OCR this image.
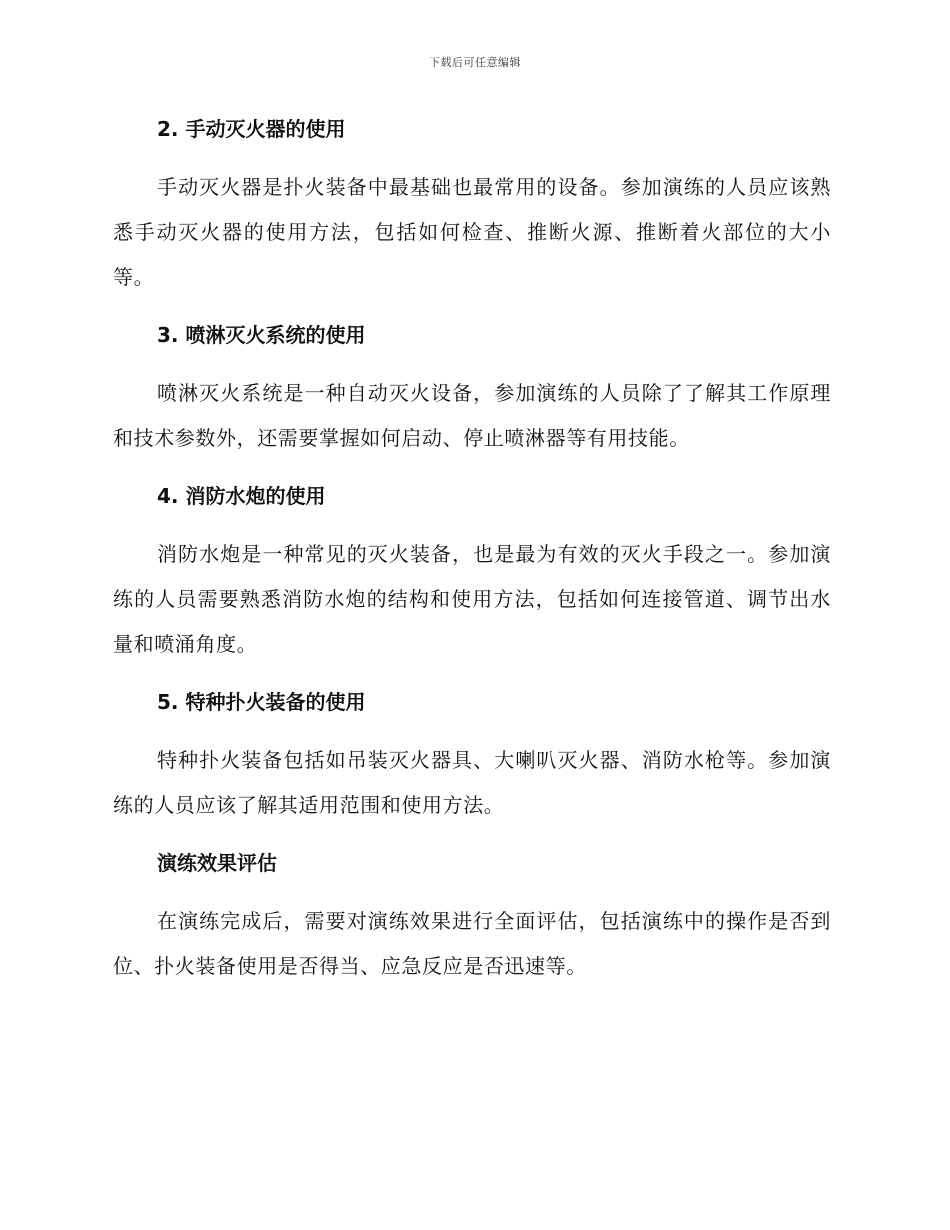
下载后可任意编辑
2. 手动灭火器的使用

手动灭火器是扑火装备中最基础也最常用的设备。参加演练的人员应该熟悉手动灭火器的使用方法，包括如何检查、推断火源、推断着火部位的大小等。

3. 喷淋灭火系统的使用

喷淋灭火系统是一种自动灭火设备，参加演练的人员除了了解其工作原理和技术参数外，还需要掌握如何启动、停止喷淋器等有用技能。

4. 消防水炮的使用

消防水炮是一种常见的灭火装备，也是最为有效的灭火手段之一。参加演练的人员需要熟悉消防水炮的结构和使用方法，包括如何连接管道、调节出水量和喷涌角度。

5. 特种扑火装备的使用

特种扑火装备包括如吊装灭火器具、大喇叭灭火器、消防水枪等。参加演练的人员应该了解其适用范围和使用方法。

演练效果评估

在演练完成后，需要对演练效果进行全面评估，包括演练中的操作是否到位、扑火装备使用是否得当、应急反应是否迅速等。
